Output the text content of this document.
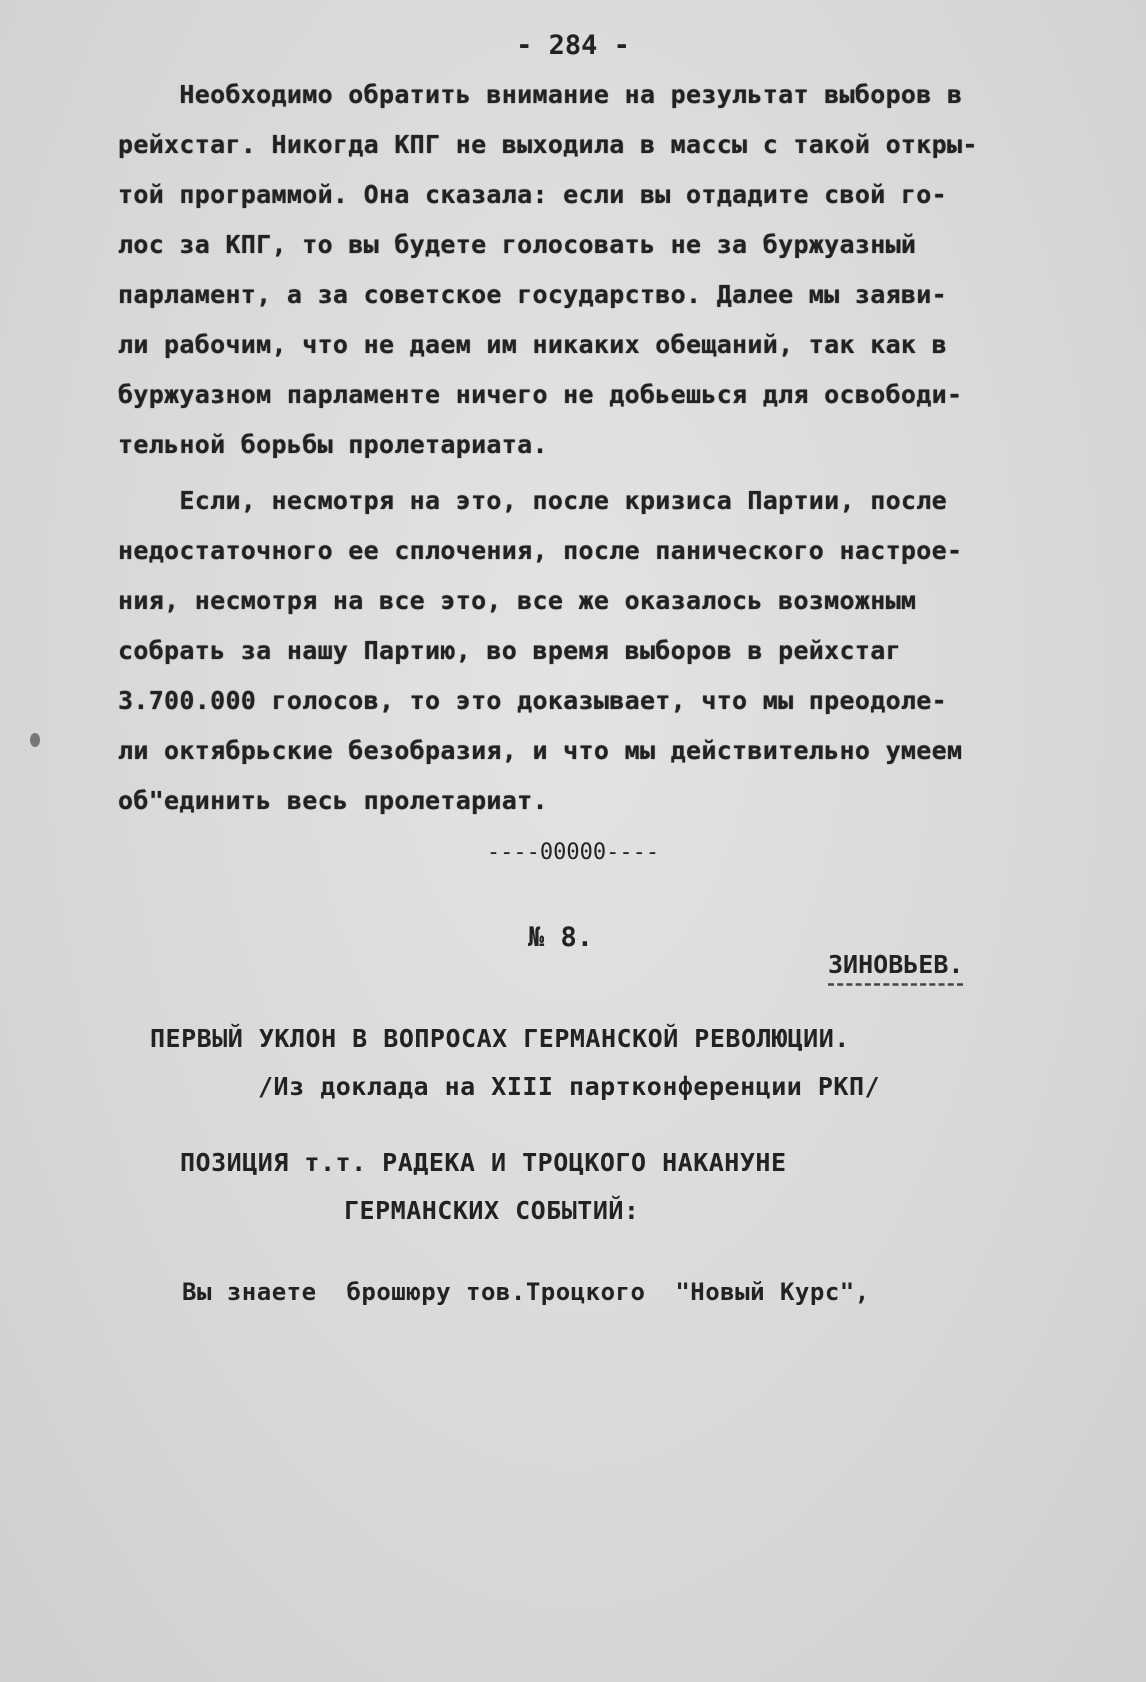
- 284 -
Необходимо обратить внимание на результат выборов в
рейхстаг. Никогда КПГ не выходила в массы с такой откры-
той программой. Она сказала: если вы отдадите свой го-
лос за КПГ, то вы будете голосовать не за буржуазный
парламент, а за советское государство. Далее мы заяви-
ли рабочим, что не даем им никаких обещаний, так как в
буржуазном парламенте ничего не добьешься для освободи-
тельной борьбы пролетариата.
Если, несмотря на это, после кризиса Партии, после
недостаточного ее сплочения, после панического настрое-
ния, несмотря на все это, все же оказалось возможным
собрать за нашу Партию, во время выборов в рейхстаг
3.700.000 голосов, то это доказывает, что мы преодоле-
ли октябрьские безобразия, и что мы действительно умеем
об"единить весь пролетариат.
----00000----
№ 8.
ЗИНОВЬЕВ.
ПЕРВЫЙ УКЛОН В ВОПРОСАХ ГЕРМАНСКОЙ РЕВОЛЮЦИИ.
/Из доклада на XIII партконференции РКП/
ПОЗИЦИЯ т.т. РАДЕКА И ТРОЦКОГО НАКАНУНЕ
ГЕРМАНСКИХ СОБЫТИЙ:
Вы знаете  брошюру тов.Троцкого  "Новый Курс",
